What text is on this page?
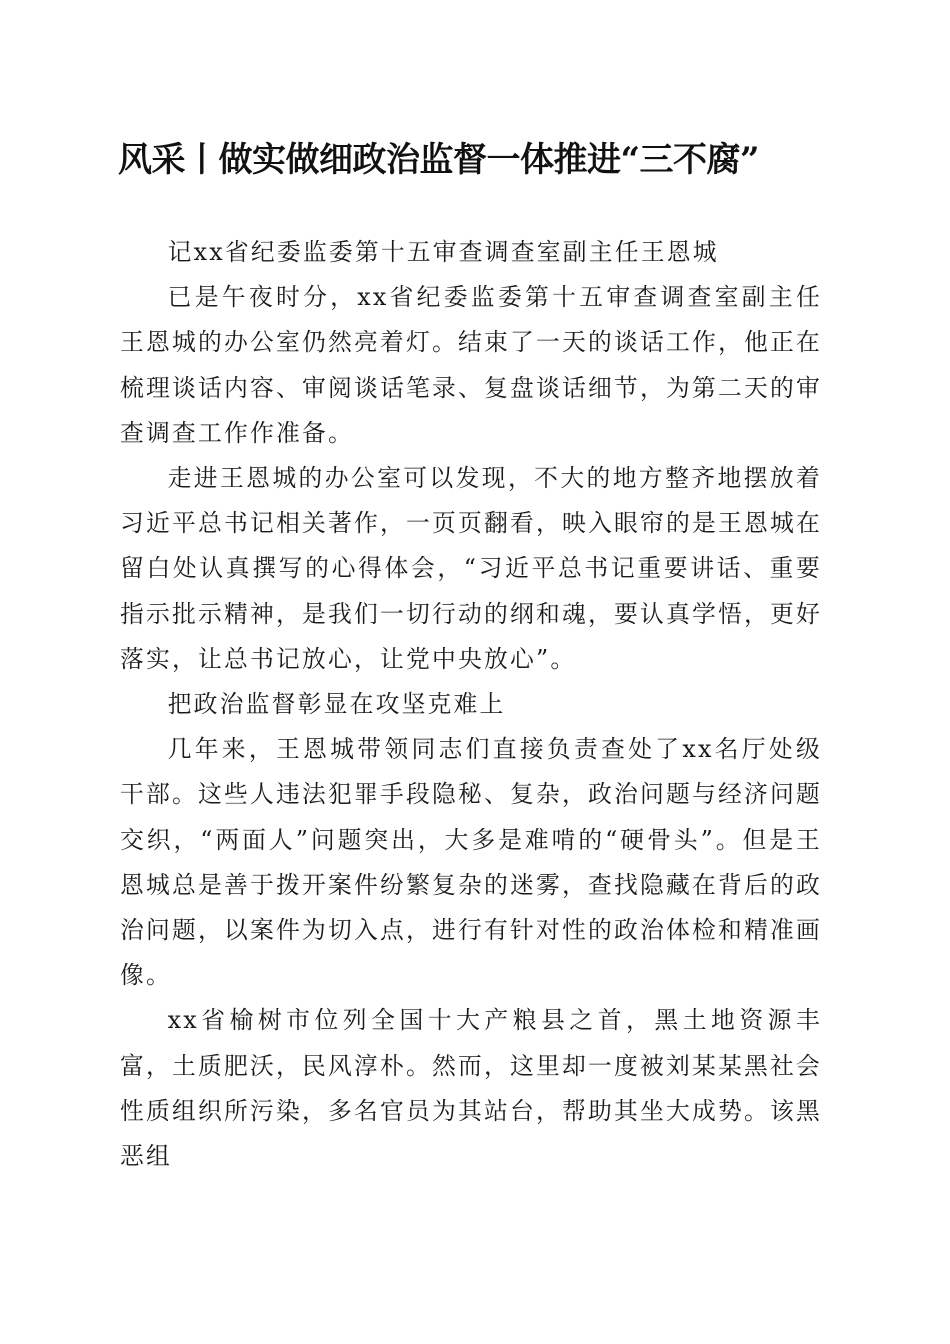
风采丨做实做细政治监督一体推进“三不腐”

记xx省纪委监委第十五审查调查室副主任王恩城

已是午夜时分，xx省纪委监委第十五审查调查室副主任王恩城的办公室仍然亮着灯。结束了一天的谈话工作，他正在梳理谈话内容、审阅谈话笔录、复盘谈话细节，为第二天的审查调查工作作准备。

走进王恩城的办公室可以发现，不大的地方整齐地摆放着习近平总书记相关著作，一页页翻看，映入眼帘的是王恩城在留白处认真撰写的心得体会，“习近平总书记重要讲话、重要指示批示精神，是我们一切行动的纲和魂，要认真学悟，更好落实，让总书记放心，让党中央放心”。

把政治监督彰显在攻坚克难上

几年来，王恩城带领同志们直接负责查处了xx名厅处级干部。这些人违法犯罪手段隐秘、复杂，政治问题与经济问题交织，“两面人”问题突出，大多是难啃的“硬骨头”。但是王恩城总是善于拨开案件纷繁复杂的迷雾，查找隐藏在背后的政治问题，以案件为切入点，进行有针对性的政治体检和精准画像。

xx省榆树市位列全国十大产粮县之首，黑土地资源丰富，土质肥沃，民风淳朴。然而，这里却一度被刘某某黑社会性质组织所污染，多名官员为其站台，帮助其坐大成势。该黑恶组
